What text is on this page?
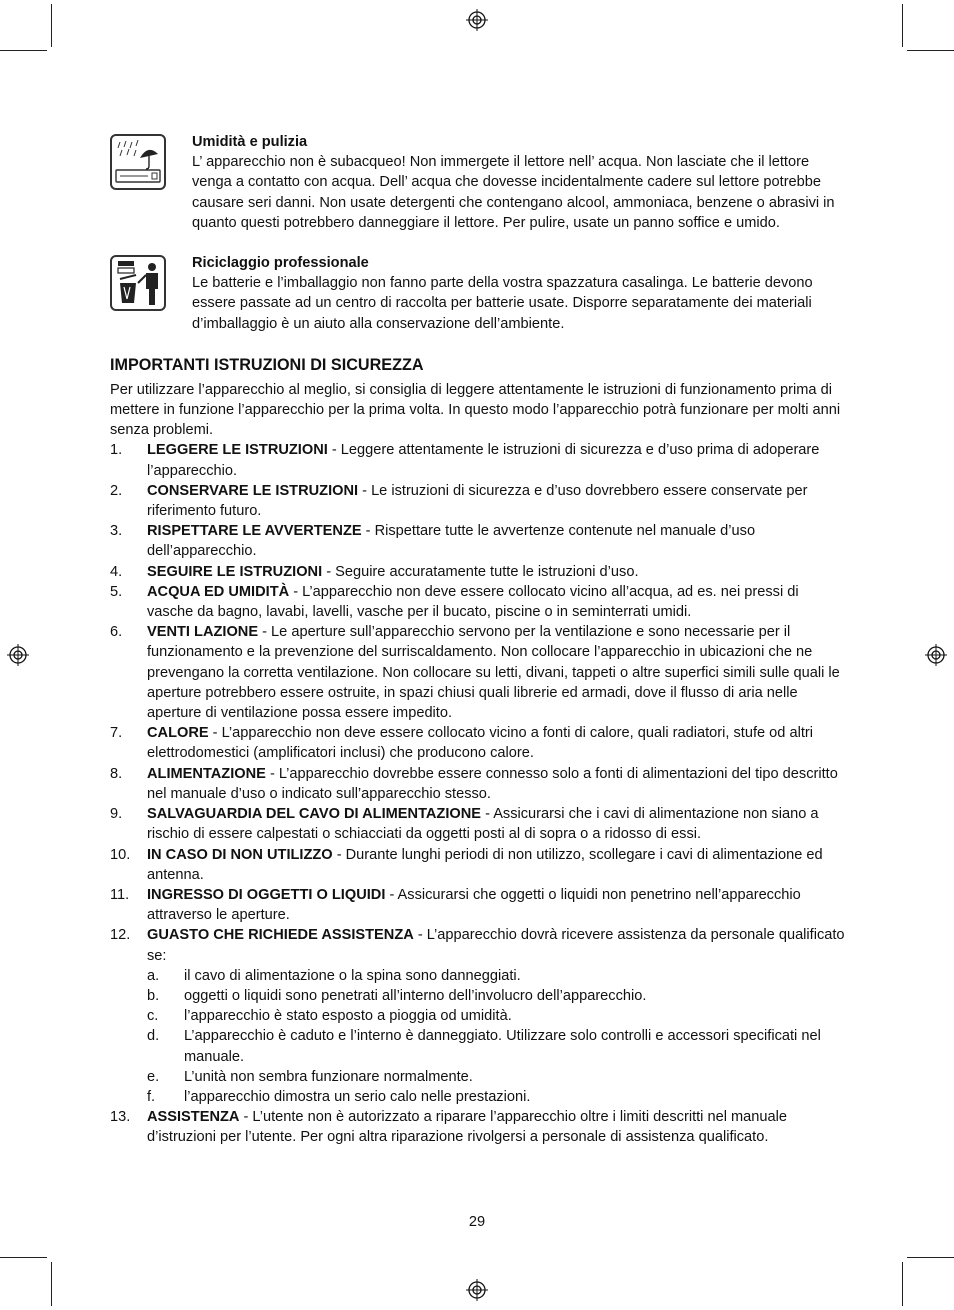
Umidità e pulizia
L’ apparecchio non è subacqueo! Non immergete il lettore nell’ acqua. Non lasciate che il lettore venga a contatto con acqua. Dell’ acqua che dovesse incidentalmente cadere sul lettore potrebbe causare seri danni. Non usate detergenti che contengano alcool, ammoniaca, benzene o abrasivi in quanto questi potrebbero danneggiare il lettore. Per pulire, usate un panno soffice e umido.
Riciclaggio professionale
Le batterie e l’imballaggio non fanno parte della vostra spazzatura casalinga. Le batterie devono essere passate ad un centro di raccolta per batterie usate. Disporre separatamente dei materiali d’imballaggio è un aiuto alla conservazione dell’ambiente.
IMPORTANTI ISTRUZIONI DI SICUREZZA

Per utilizzare l’apparecchio al meglio, si consiglia di leggere attentamente le istruzioni di funzionamento prima di mettere in funzione l’apparecchio per la prima volta. In questo modo l’apparecchio potrà funzionare per molti anni senza problemi.

1.	LEGGERE LE ISTRUZIONI - Leggere attentamente le istruzioni di sicurezza e d’uso prima di adoperare l’apparecchio.
2.	CONSERVARE LE ISTRUZIONI - Le istruzioni di sicurezza e d’uso dovrebbero essere conservate per riferimento futuro.
3.	RISPETTARE LE AVVERTENZE - Rispettare tutte le avvertenze contenute nel manuale d’uso dell’apparecchio.
4.	SEGUIRE LE ISTRUZIONI - Seguire accuratamente tutte le istruzioni d’uso.
5.	ACQUA ED UMIDITÀ - L’apparecchio non deve essere collocato vicino all’acqua, ad es. nei pressi di vasche da bagno, lavabi, lavelli, vasche per il bucato, piscine o in seminterrati umidi.
6.	VENTI LAZIONE - Le aperture sull’apparecchio servono per la ventilazione e sono necessarie per il funzionamento e la prevenzione del surriscaldamento. Non collocare l’apparecchio in ubicazioni che ne prevengano la corretta ventilazione. Non collocare su letti, divani, tappeti o altre superfici simili sulle quali le aperture potrebbero essere ostruite, in spazi chiusi quali librerie ed armadi, dove il flusso di aria nelle aperture di ventilazione possa essere impedito.
7.	CALORE - L’apparecchio non deve essere collocato vicino a fonti di calore, quali radiatori, stufe od altri elettrodomestici (amplificatori inclusi) che producono calore.
8.	ALIMENTAZIONE - L’apparecchio dovrebbe essere connesso solo a fonti di alimentazioni del tipo descritto nel manuale d’uso o indicato sull’apparecchio stesso.
9.	SALVAGUARDIA DEL CAVO DI ALIMENTAZIONE - Assicurarsi che i cavi di alimentazione non siano a rischio di essere calpestati o schiacciati da oggetti posti al di sopra o a ridosso di essi.
10.	IN CASO DI NON UTILIZZO - Durante lunghi periodi di non utilizzo, scollegare i cavi di alimentazione ed antenna.
11.	INGRESSO DI OGGETTI O LIQUIDI - Assicurarsi che oggetti o liquidi non penetrino nell’apparecchio attraverso le aperture.
12.	GUASTO CHE RICHIEDE ASSISTENZA - L’apparecchio dovrà ricevere assistenza da personale qualificato se:
a.	il cavo di alimentazione o la spina sono danneggiati.
b.	oggetti o liquidi sono penetrati all’interno dell’involucro dell’apparecchio.
c.	l’apparecchio è stato esposto a pioggia od umidità.
d.	L’apparecchio è caduto e l’interno è danneggiato. Utilizzare solo controlli e accessori specificati nel manuale.
e.	L’unità non sembra funzionare normalmente.
f.	l’apparecchio dimostra un serio calo nelle prestazioni.
13.	ASSISTENZA - L’utente non è autorizzato a riparare l’apparecchio oltre i limiti descritti nel manuale d’istruzioni per l’utente. Per ogni altra riparazione rivolgersi a personale di assistenza qualificato.
29
